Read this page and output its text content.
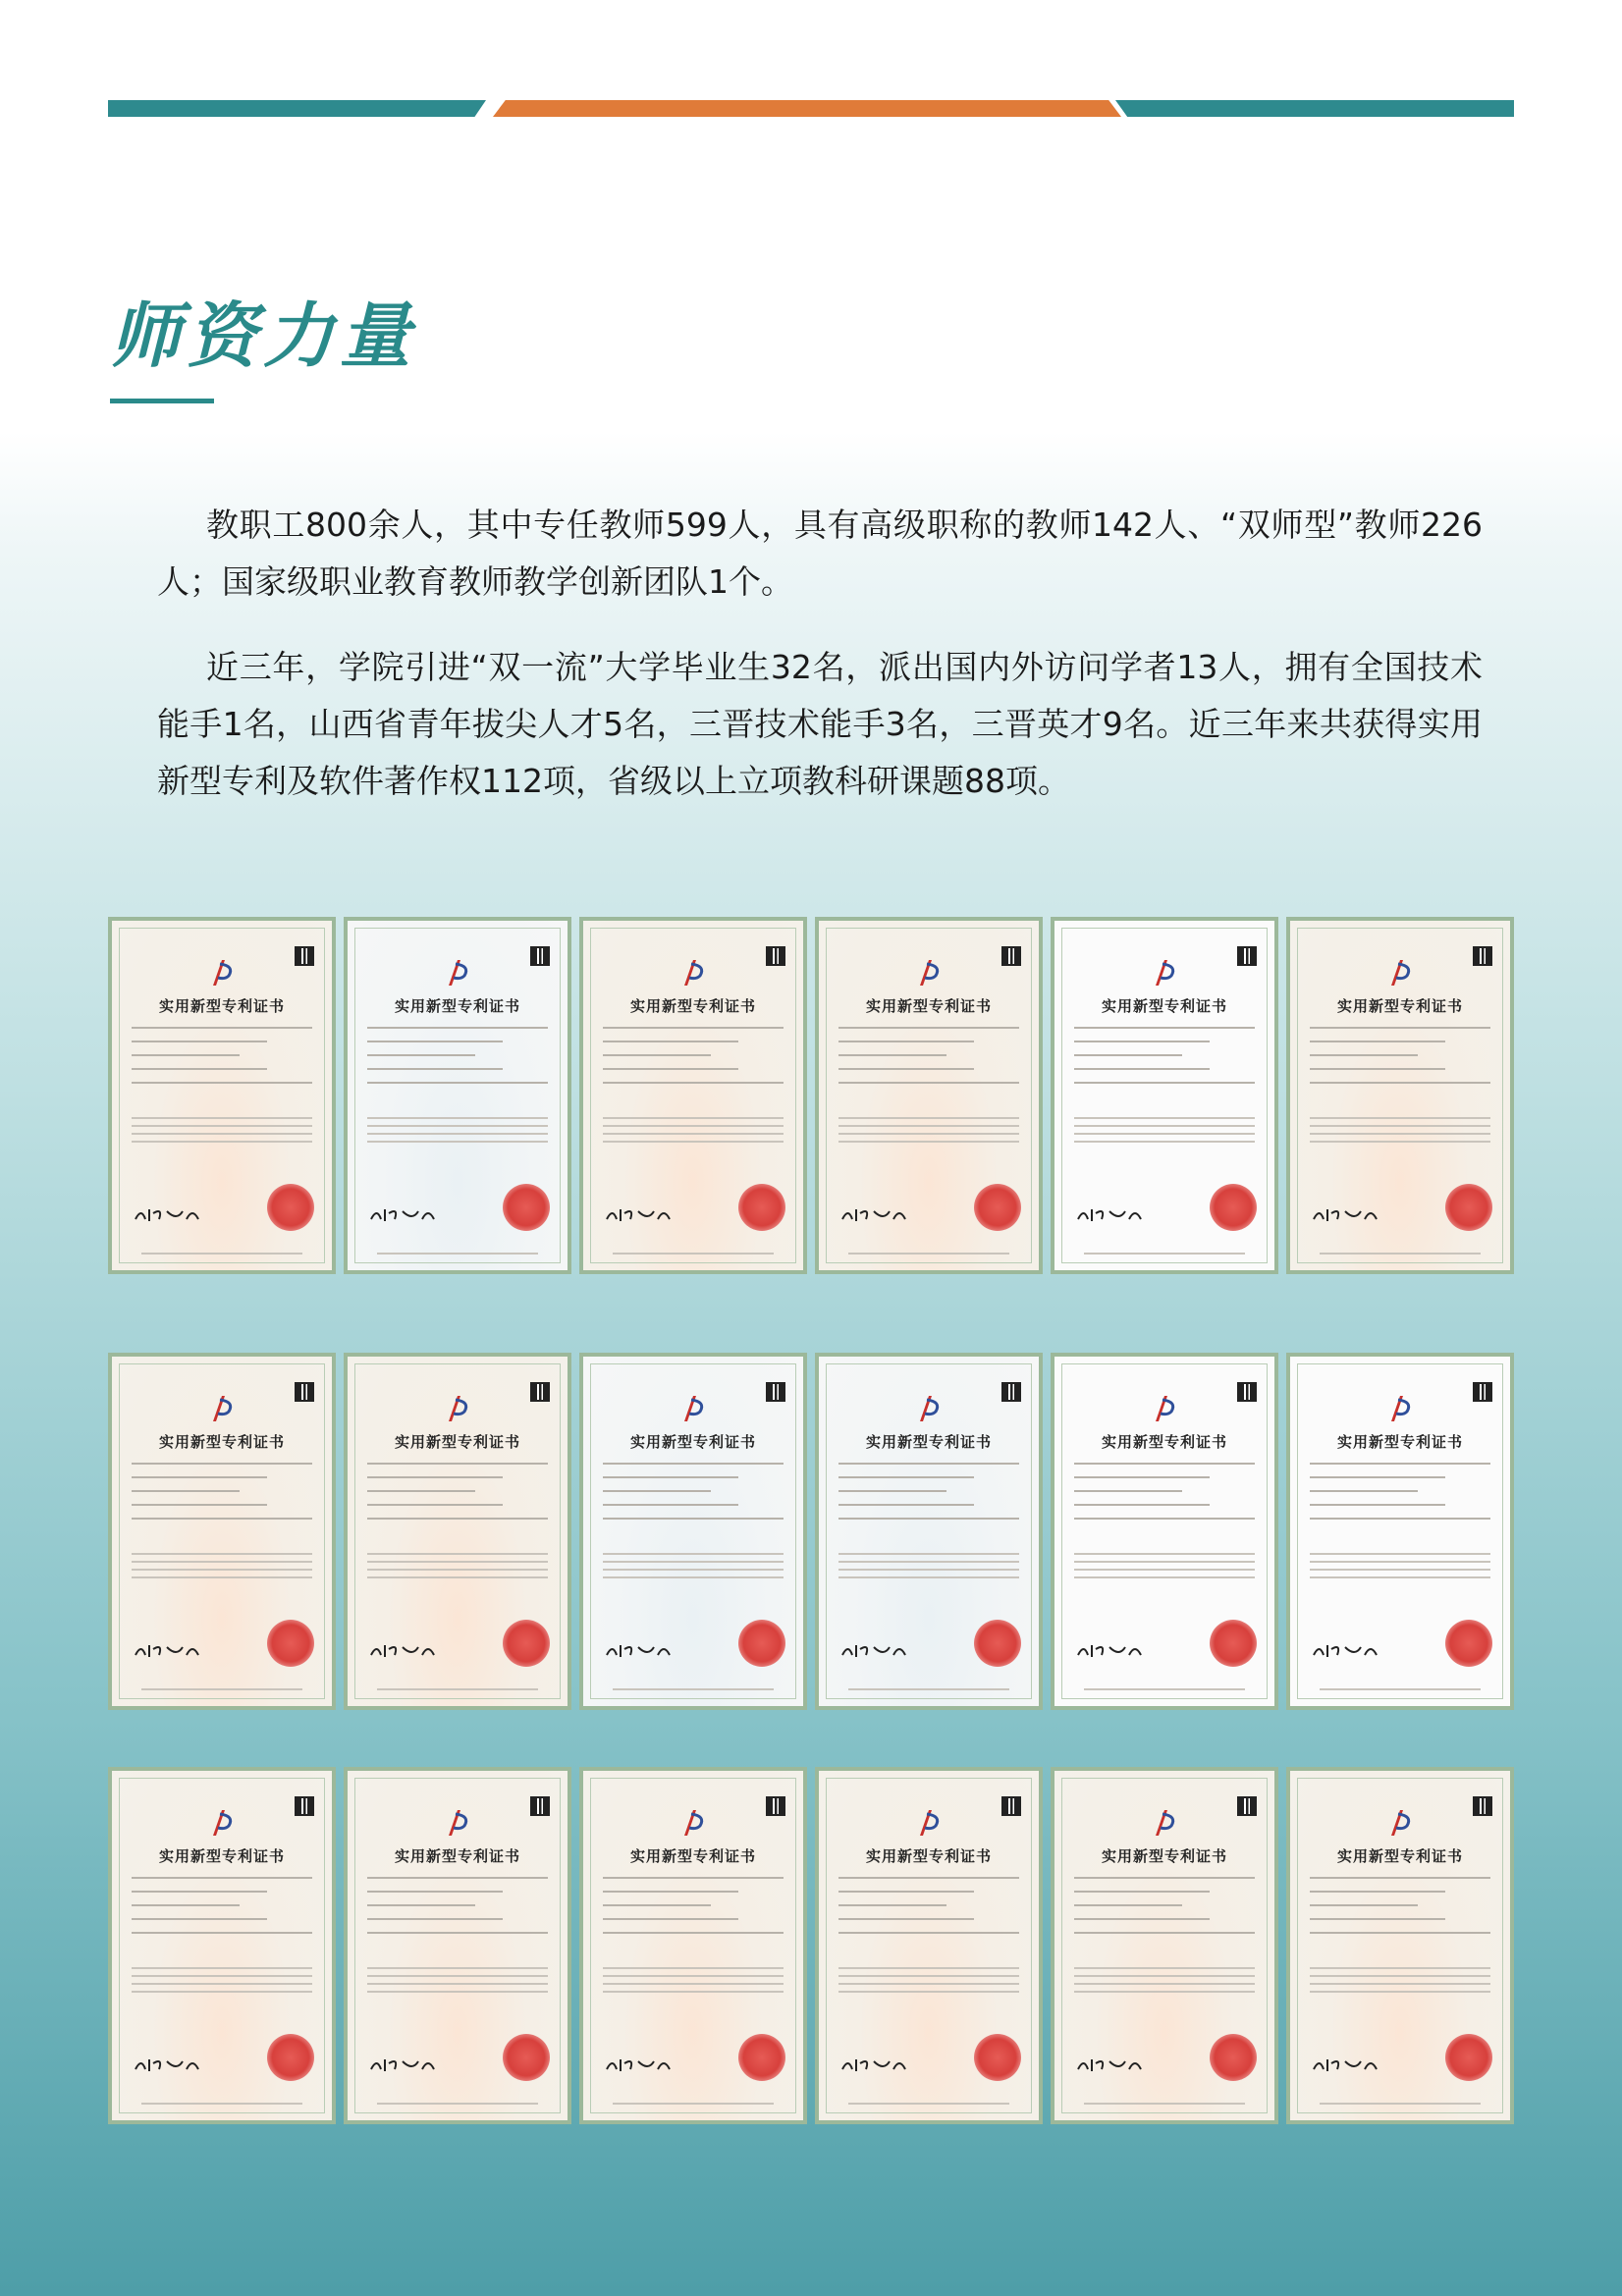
师资力量

教职工800余人，其中专任教师599人，具有高级职称的教师142人、“双师型”教师226人；国家级职业教育教师教学创新团队1个。

近三年，学院引进“双一流”大学毕业生32名，派出国内外访问学者13人，拥有全国技术能手1名，山西省青年拔尖人才5名，三晋技术能手3名，三晋英才9名。近三年来共获得实用新型专利及软件著作权112项，省级以上立项教科研课题88项。

实用新型专利证书	实用新型专利证书	实用新型专利证书	实用新型专利证书	实用新型专利证书	实用新型专利证书
实用新型专利证书	实用新型专利证书	实用新型专利证书	实用新型专利证书	实用新型专利证书	实用新型专利证书
实用新型专利证书	实用新型专利证书	实用新型专利证书	实用新型专利证书	实用新型专利证书	实用新型专利证书
